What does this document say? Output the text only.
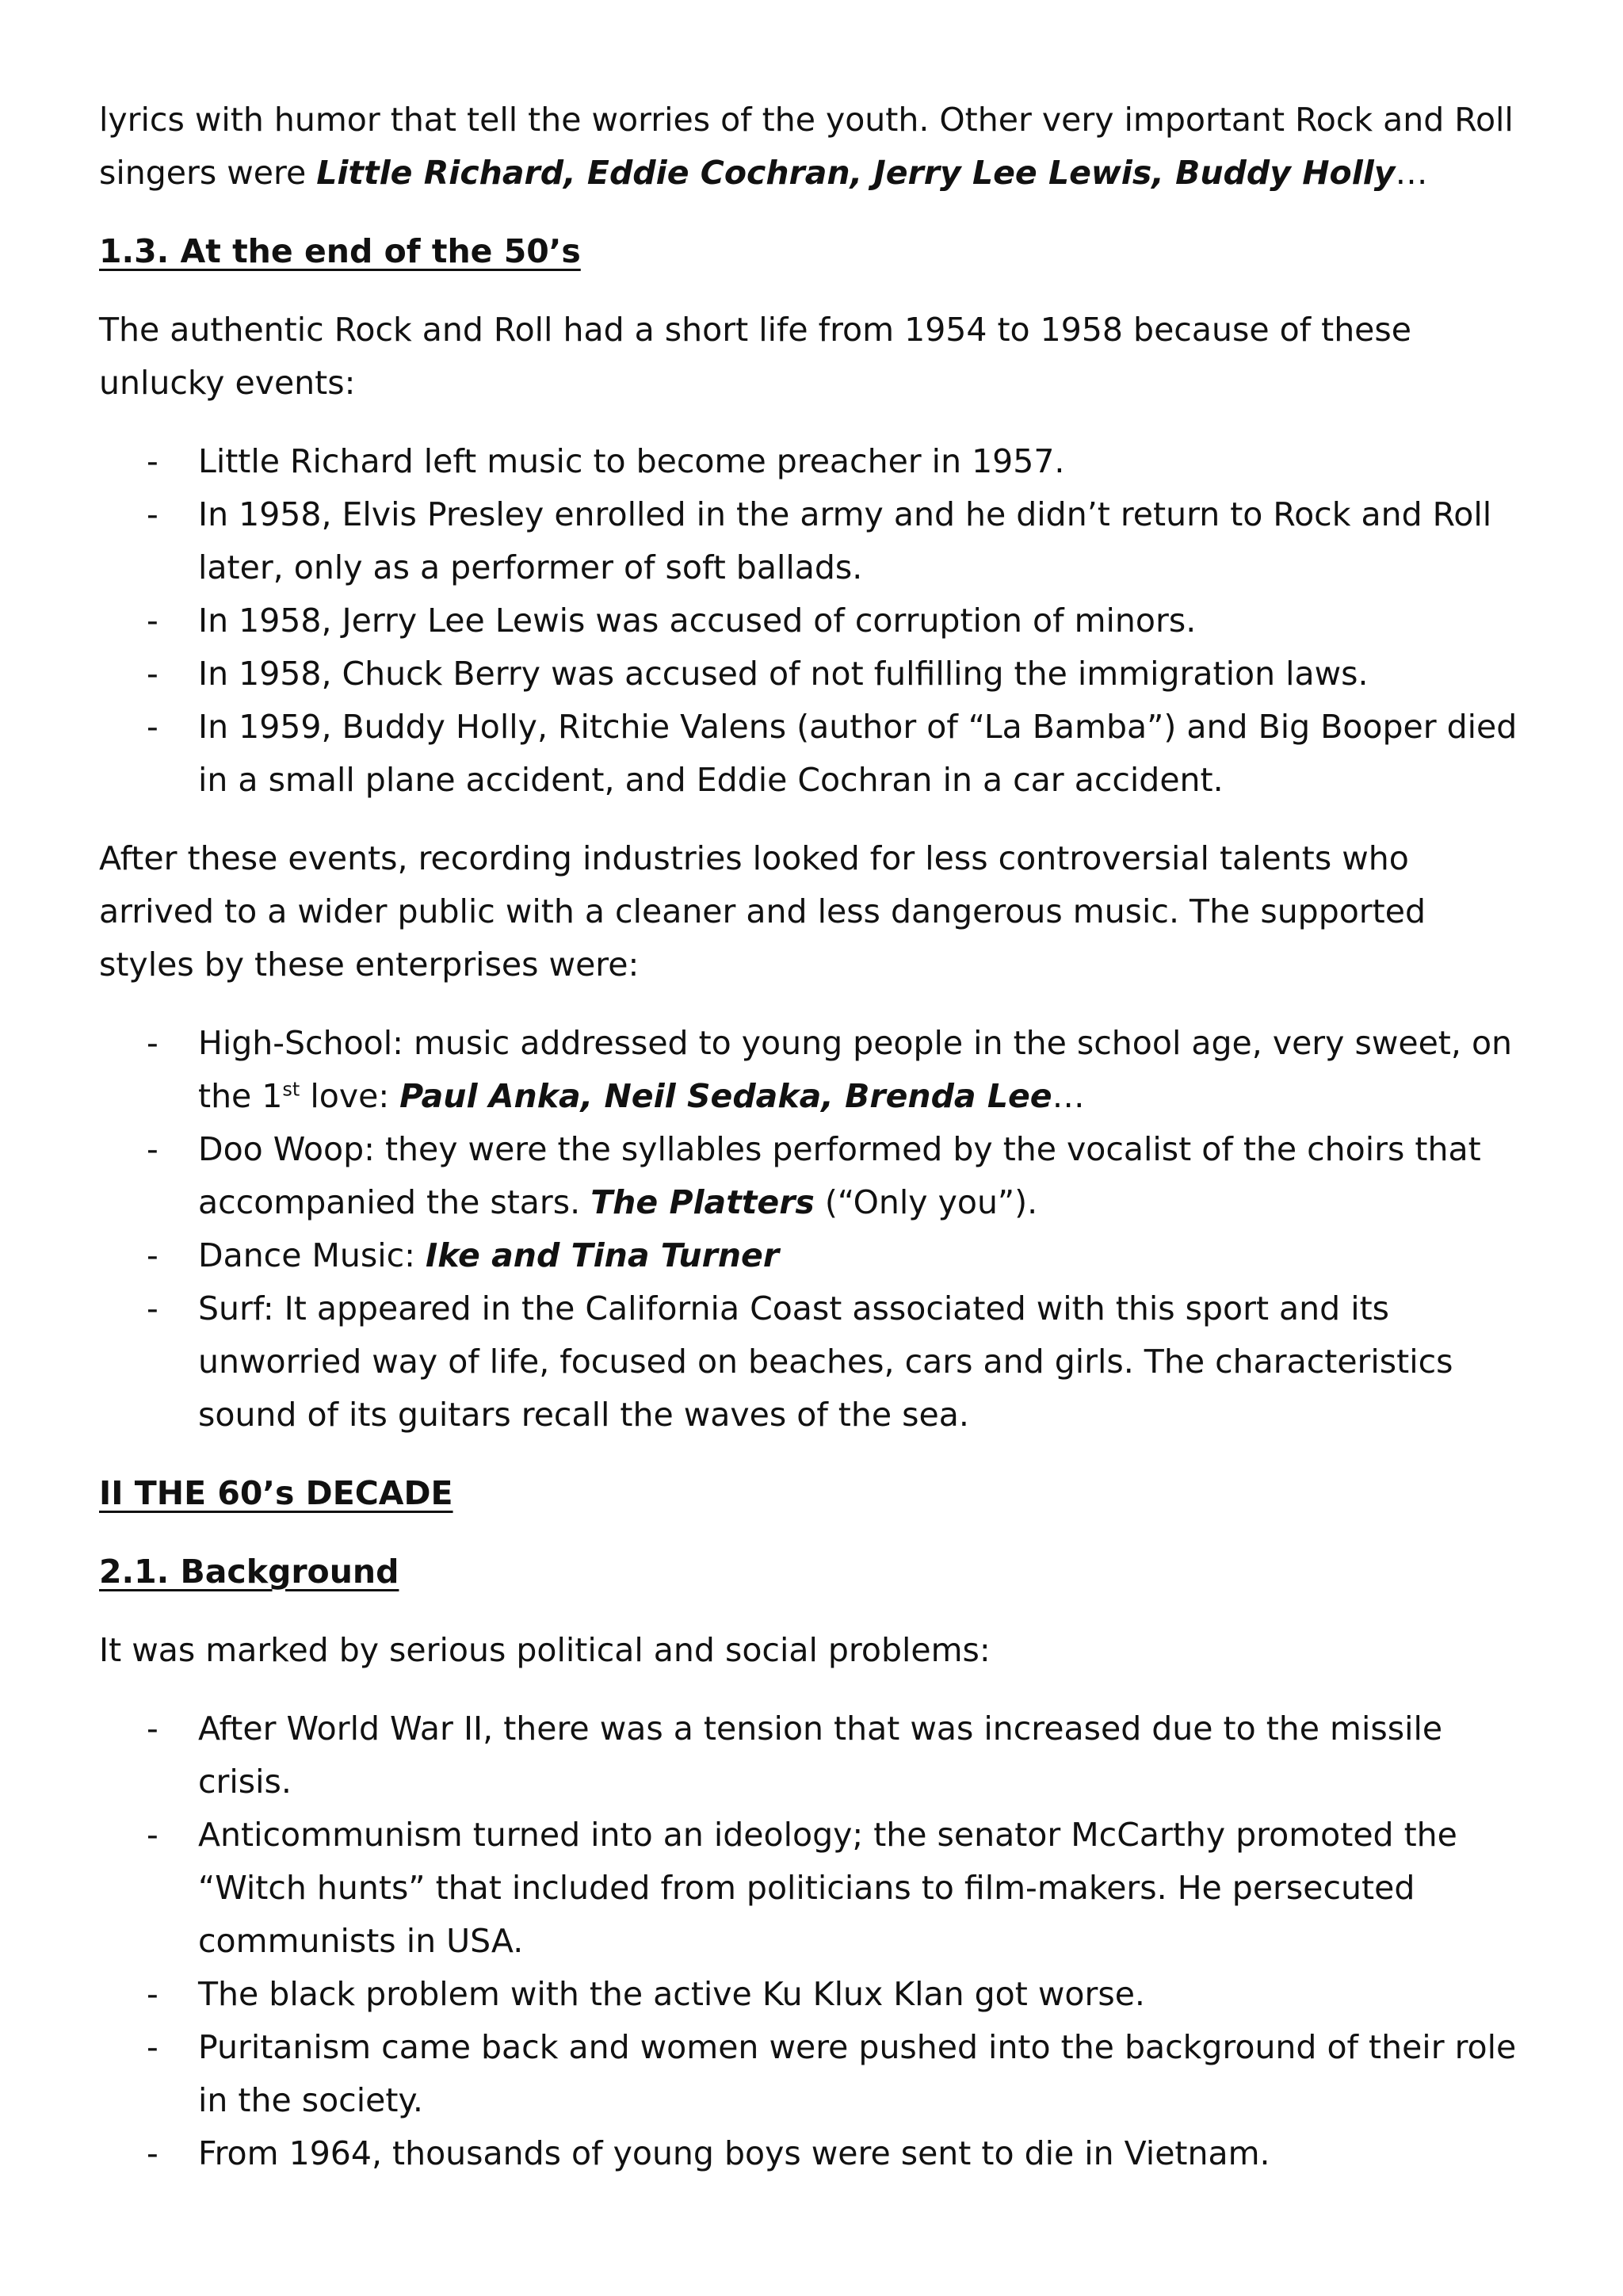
lyrics with humor that tell the worries of the youth. Other very important Rock and Roll singers were Little Richard, Eddie Cochran, Jerry Lee Lewis, Buddy Holly…

1.3. At the end of the 50’s

The authentic Rock and Roll had a short life from 1954 to 1958 because of these unlucky events:

- Little Richard left music to become preacher in 1957.
- In 1958, Elvis Presley enrolled in the army and he didn’t return to Rock and Roll later, only as a performer of soft ballads.
- In 1958, Jerry Lee Lewis was accused of corruption of minors.
- In 1958, Chuck Berry was accused of not fulfilling the immigration laws.
- In 1959, Buddy Holly, Ritchie Valens (author of “La Bamba”) and Big Booper died in a small plane accident, and Eddie Cochran in a car accident.

After these events, recording industries looked for less controversial talents who arrived to a wider public with a cleaner and less dangerous music. The supported styles by these enterprises were:

- High-School: music addressed to young people in the school age, very sweet, on the 1st love: Paul Anka, Neil Sedaka, Brenda Lee…
- Doo Woop: they were the syllables performed by the vocalist of the choirs that accompanied the stars. The Platters (“Only you”).
- Dance Music: Ike and Tina Turner
- Surf: It appeared in the California Coast associated with this sport and its unworried way of life, focused on beaches, cars and girls. The characteristics sound of its guitars recall the waves of the sea.

II THE 60’s DECADE

2.1. Background

It was marked by serious political and social problems:

- After World War II, there was a tension that was increased due to the missile crisis.
- Anticommunism turned into an ideology; the senator McCarthy promoted the “Witch hunts” that included from politicians to film-makers. He persecuted communists in USA.
- The black problem with the active Ku Klux Klan got worse.
- Puritanism came back and women were pushed into the background of their role in the society.
- From 1964, thousands of young boys were sent to die in Vietnam.
